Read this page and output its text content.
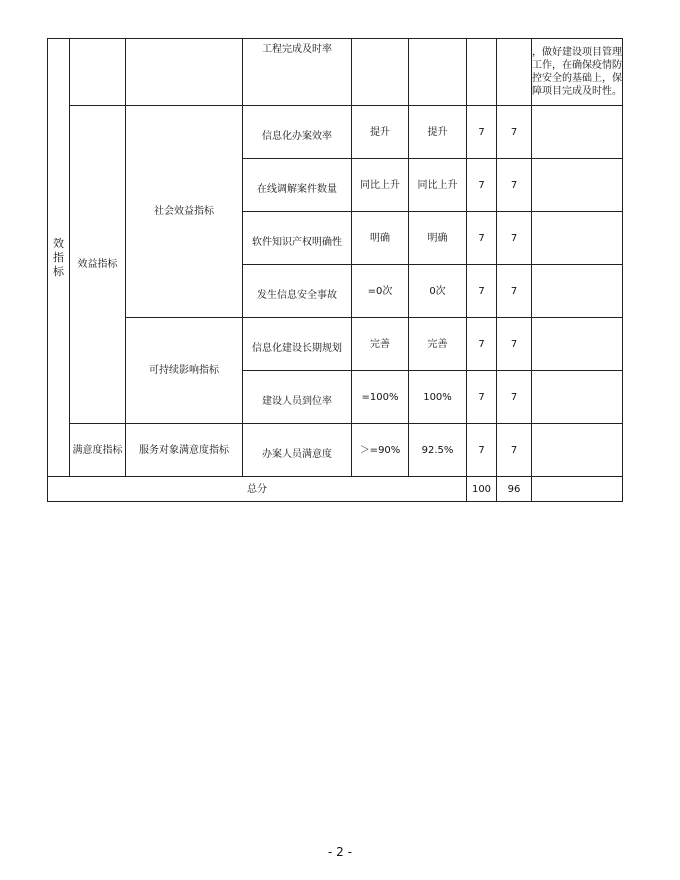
效指标			工程完成及时率					，做好建设项目管理工作，在确保疫情防控安全的基础上，保障项目完成及时性。
	效益指标	社会效益指标	信息化办案效率	提升	提升	7	7	
			在线调解案件数量	同比上升	同比上升	7	7	
			软件知识产权明确性	明确	明确	7	7	
			发生信息安全事故	=0次	0次	7	7	
		可持续影响指标	信息化建设长期规划	完善	完善	7	7	
			建设人员到位率	=100%	100%	7	7	
	满意度指标	服务对象满意度指标	办案人员满意度	＞=90%	92.5%	7	7	
总分						100	96	
- 2 -
